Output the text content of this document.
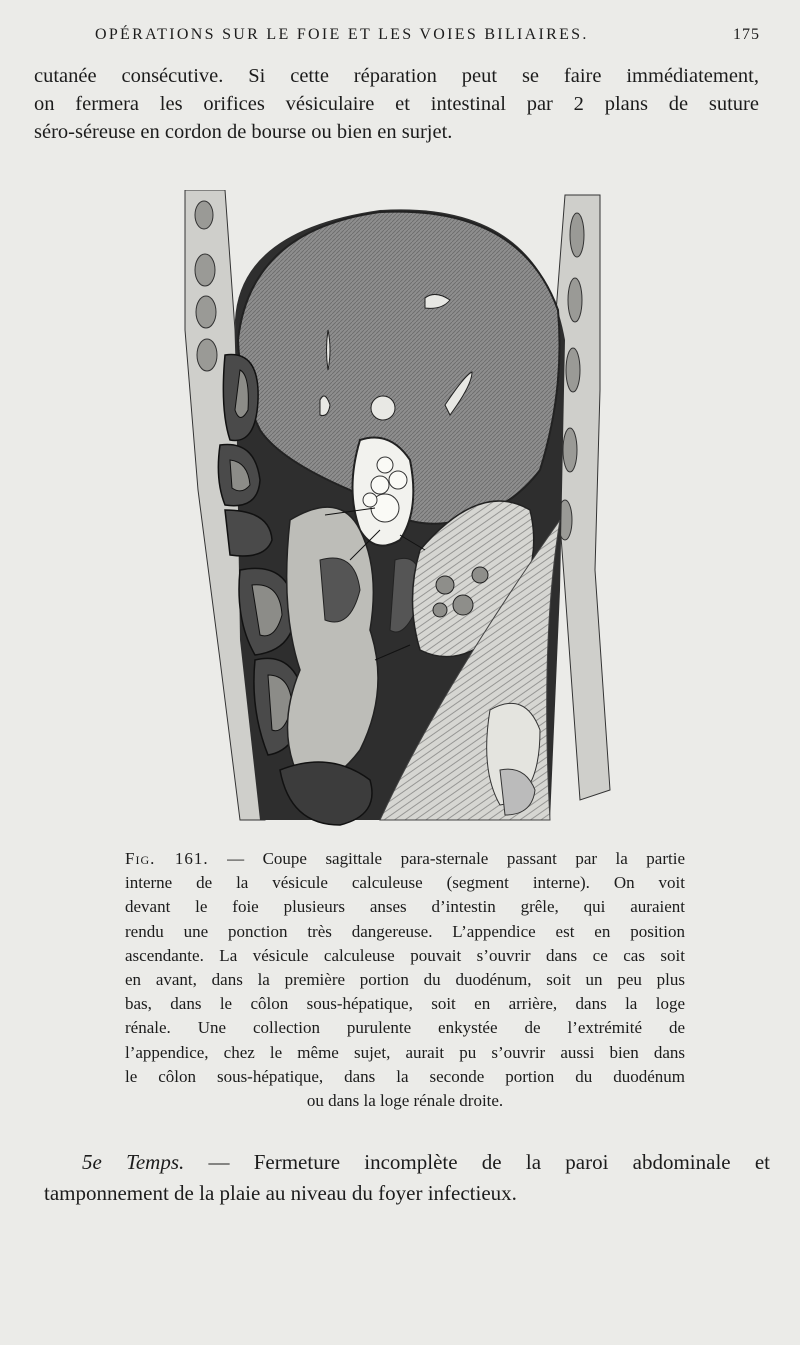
OPÉRATIONS SUR LE FOIE ET LES VOIES BILIAIRES.	175
cutanée consécutive. Si cette réparation peut se faire immédiatement,
on fermera les orifices vésiculaire et intestinal par 2 plans de suture
séro-séreuse en cordon de bourse ou bien en surjet.
Fig. 161. — Coupe sagittale para-sternale passant par la partie
interne de la vésicule calculeuse (segment interne). On voit
devant le foie plusieurs anses d’intestin grêle, qui auraient
rendu une ponction très dangereuse. L’appendice est en position
ascendante. La vésicule calculeuse pouvait s’ouvrir dans ce cas soit
en avant, dans la première portion du duodénum, soit un peu plus
bas, dans le côlon sous-hépatique, soit en arrière, dans la loge
rénale. Une collection purulente enkystée de l’extrémité de
l’appendice, chez le même sujet, aurait pu s’ouvrir aussi bien dans
le côlon sous-hépatique, dans la seconde portion du duodénum
ou dans la loge rénale droite.
5e Temps. — Fermeture incomplète de la paroi abdominale et
tamponnement de la plaie au niveau du foyer infectieux.
